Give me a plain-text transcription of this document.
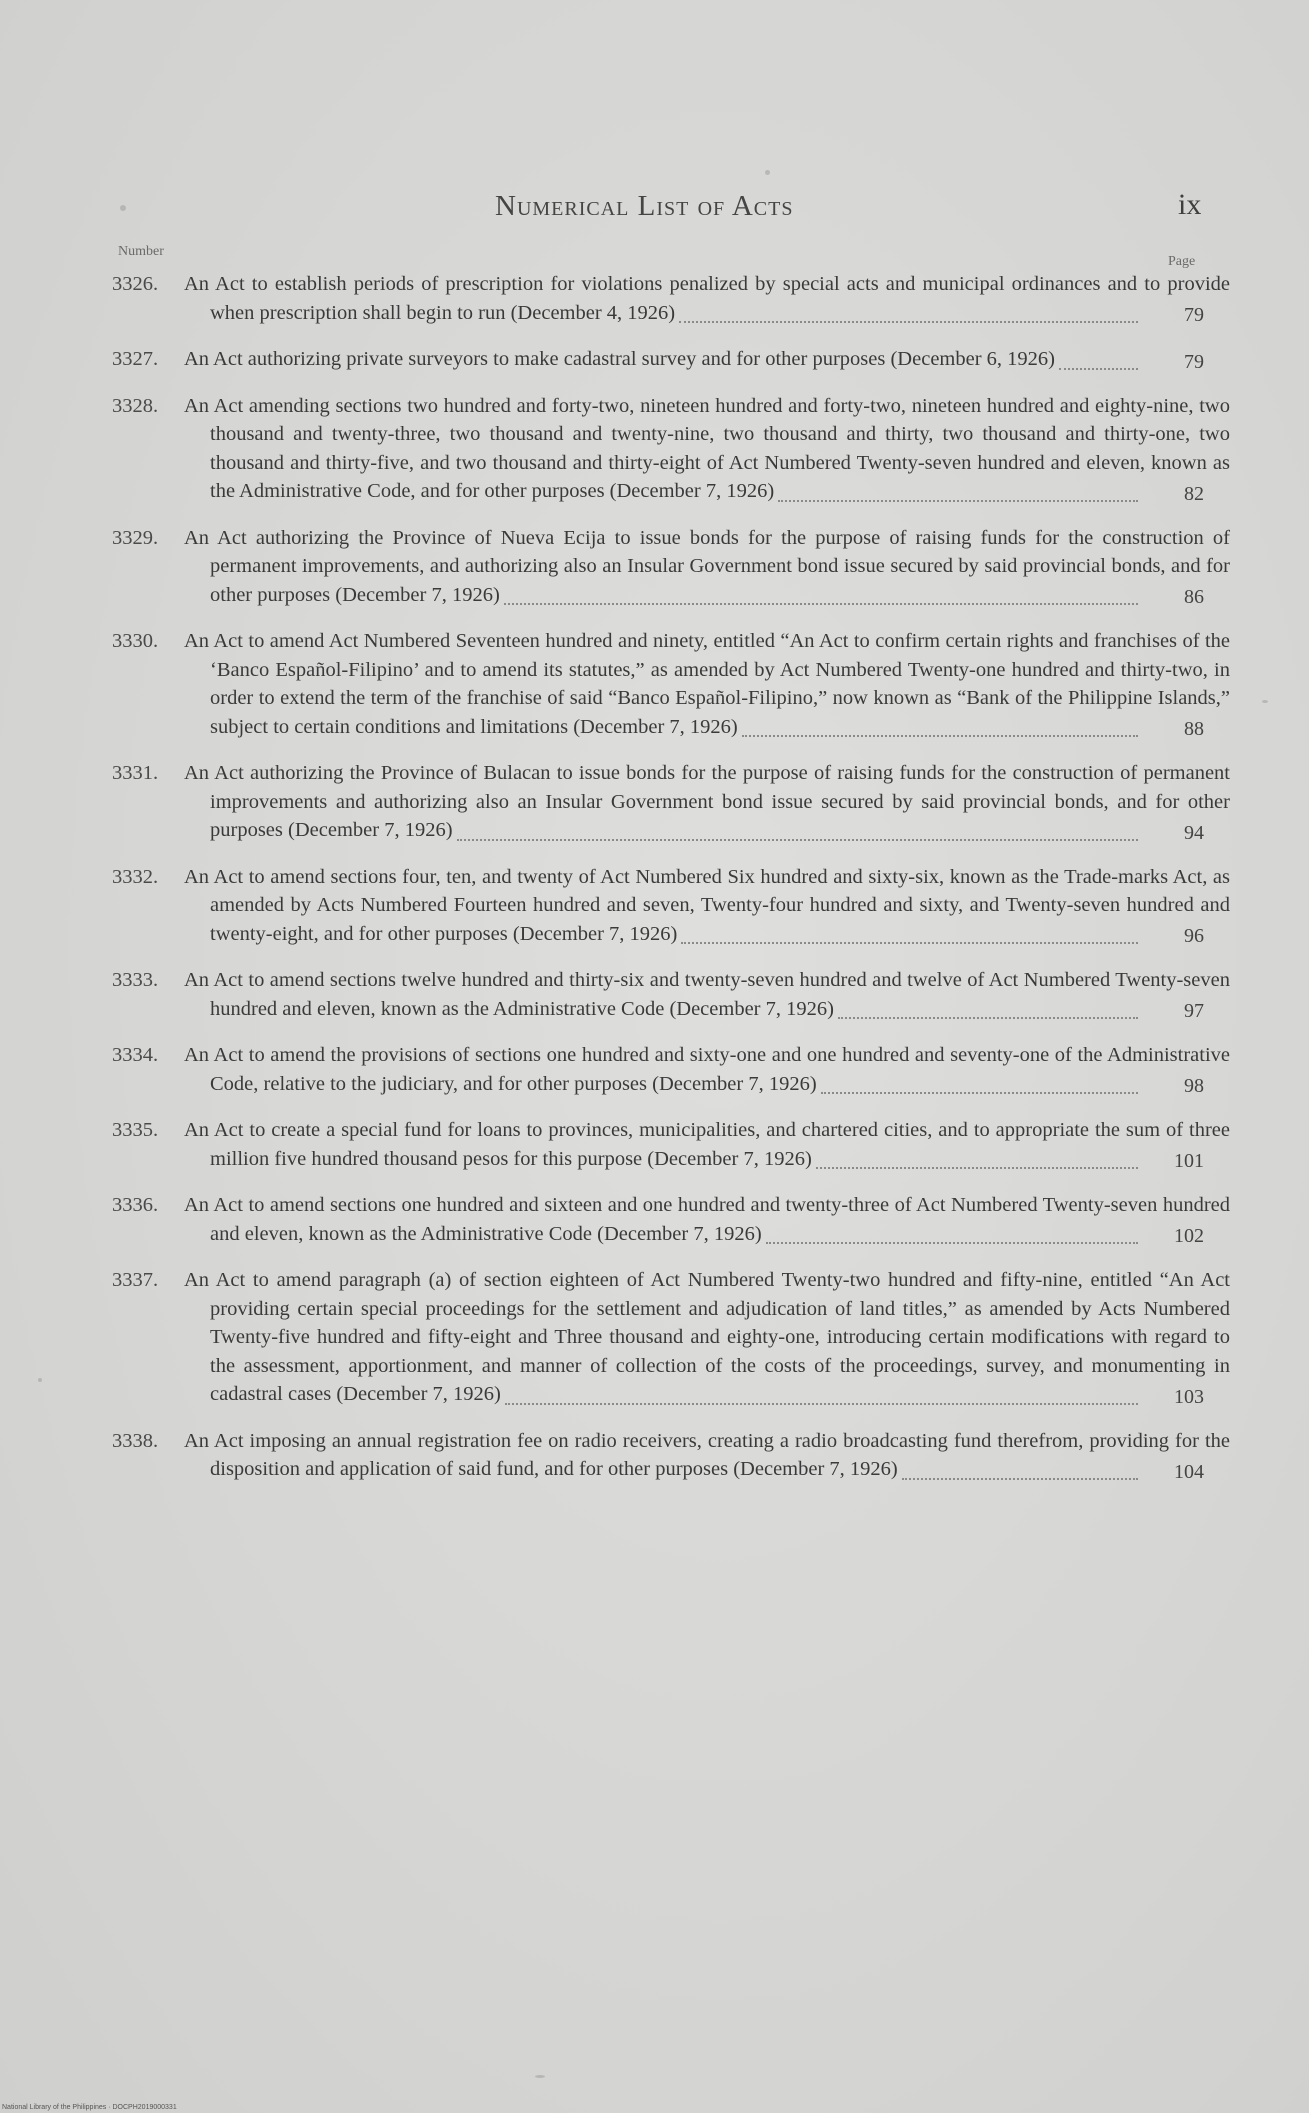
Numerical List of Acts	ix
Number
Page
3326. An Act to establish periods of prescription for violations penalized by special acts and municipal ordinances and to provide when prescription shall begin to run (December 4, 1926)	79
3327. An Act authorizing private surveyors to make cadastral survey and for other purposes (December 6, 1926)	79
3328. An Act amending sections two hundred and forty-two, nineteen hundred and forty-two, nineteen hundred and eighty-nine, two thousand and twenty-three, two thousand and twenty-nine, two thousand and thirty, two thousand and thirty-one, two thousand and thirty-five, and two thousand and thirty-eight of Act Numbered Twenty-seven hundred and eleven, known as the Administrative Code, and for other purposes (December 7, 1926)	82
3329. An Act authorizing the Province of Nueva Ecija to issue bonds for the purpose of raising funds for the construction of permanent improvements, and authorizing also an Insular Government bond issue secured by said provincial bonds, and for other purposes (December 7, 1926)	86
3330. An Act to amend Act Numbered Seventeen hundred and ninety, entitled “An Act to confirm certain rights and franchises of the ‘Banco Español-Filipino’ and to amend its statutes,” as amended by Act Numbered Twenty-one hundred and thirty-two, in order to extend the term of the franchise of said “Banco Español-Filipino,” now known as “Bank of the Philippine Islands,” subject to certain conditions and limitations (December 7, 1926)	88
3331. An Act authorizing the Province of Bulacan to issue bonds for the purpose of raising funds for the construction of permanent improvements and authorizing also an Insular Government bond issue secured by said provincial bonds, and for other purposes (December 7, 1926)	94
3332. An Act to amend sections four, ten, and twenty of Act Numbered Six hundred and sixty-six, known as the Trade-marks Act, as amended by Acts Numbered Fourteen hundred and seven, Twenty-four hundred and sixty, and Twenty-seven hundred and twenty-eight, and for other purposes (December 7, 1926)	96
3333. An Act to amend sections twelve hundred and thirty-six and twenty-seven hundred and twelve of Act Numbered Twenty-seven hundred and eleven, known as the Administrative Code (December 7, 1926)	97
3334. An Act to amend the provisions of sections one hundred and sixty-one and one hundred and seventy-one of the Administrative Code, relative to the judiciary, and for other purposes (December 7, 1926)	98
3335. An Act to create a special fund for loans to provinces, municipalities, and chartered cities, and to appropriate the sum of three million five hundred thousand pesos for this purpose (December 7, 1926)	101
3336. An Act to amend sections one hundred and sixteen and one hundred and twenty-three of Act Numbered Twenty-seven hundred and eleven, known as the Administrative Code (December 7, 1926)	102
3337. An Act to amend paragraph (a) of section eighteen of Act Numbered Twenty-two hundred and fifty-nine, entitled “An Act providing certain special proceedings for the settlement and adjudication of land titles,” as amended by Acts Numbered Twenty-five hundred and fifty-eight and Three thousand and eighty-one, introducing certain modifications with regard to the assessment, apportionment, and manner of collection of the costs of the proceedings, survey, and monumenting in cadastral cases (December 7, 1926)	103
3338. An Act imposing an annual registration fee on radio receivers, creating a radio broadcasting fund therefrom, providing for the disposition and application of said fund, and for other purposes (December 7, 1926)	104
National Library of the Philippines · DOCPH2019000331
